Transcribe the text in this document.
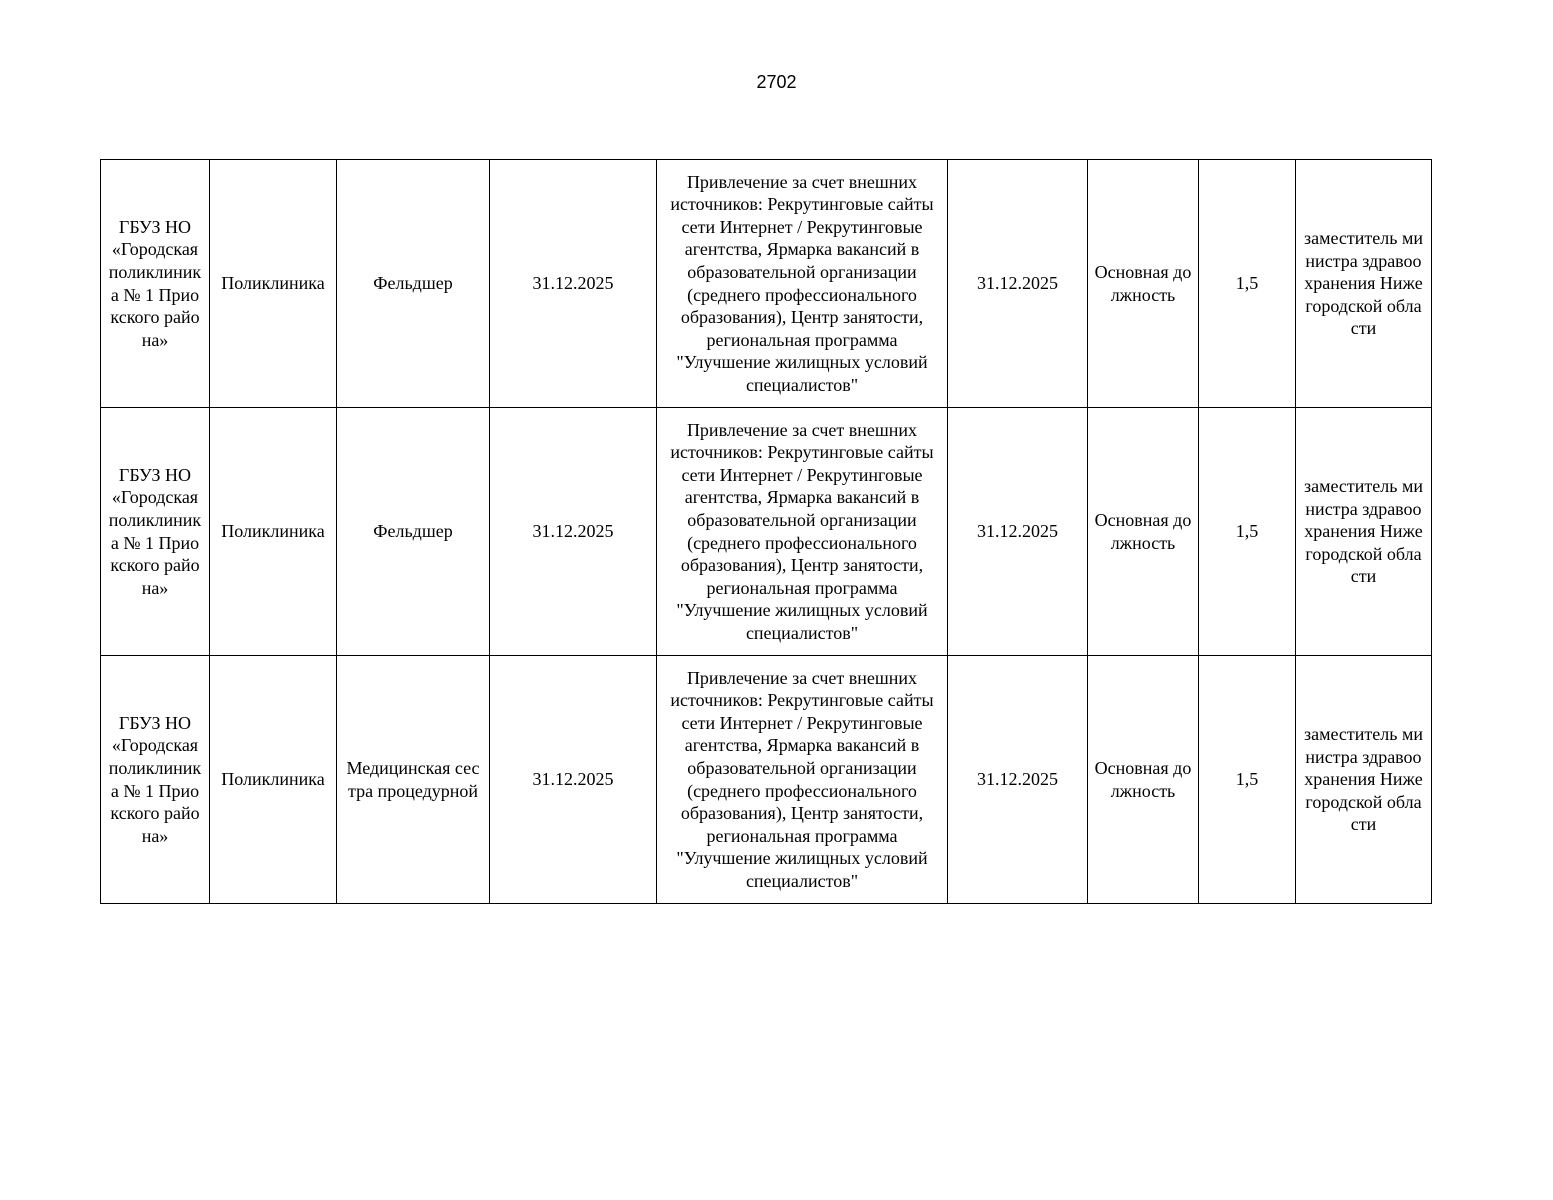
2702
ГБУЗ НО «Городская поликлиника № 1 Приокского района»	Поликлиника	Фельдшер	31.12.2025	Привлечение за счет внешних источников: Рекрутинговые сайты сети Интернет / Рекрутинговые агентства, Ярмарка вакансий в образовательной организации (среднего профессионального образования), Центр занятости, региональная программа "Улучшение жилищных условий специалистов"	31.12.2025	Основная должность	1,5	заместитель министра здравоохранения Нижегородской области

ГБУЗ НО «Городская поликлиника № 1 Приокского района»	Поликлиника	Фельдшер	31.12.2025	Привлечение за счет внешних источников: Рекрутинговые сайты сети Интернет / Рекрутинговые агентства, Ярмарка вакансий в образовательной организации (среднего профессионального образования), Центр занятости, региональная программа "Улучшение жилищных условий специалистов"	31.12.2025	Основная должность	1,5	заместитель министра здравоохранения Нижегородской области

ГБУЗ НО «Городская поликлиника № 1 Приокского района»	Поликлиника	Медицинская сестра процедурной	31.12.2025	Привлечение за счет внешних источников: Рекрутинговые сайты сети Интернет / Рекрутинговые агентства, Ярмарка вакансий в образовательной организации (среднего профессионального образования), Центр занятости, региональная программа "Улучшение жилищных условий специалистов"	31.12.2025	Основная должность	1,5	заместитель министра здравоохранения Нижегородской области
